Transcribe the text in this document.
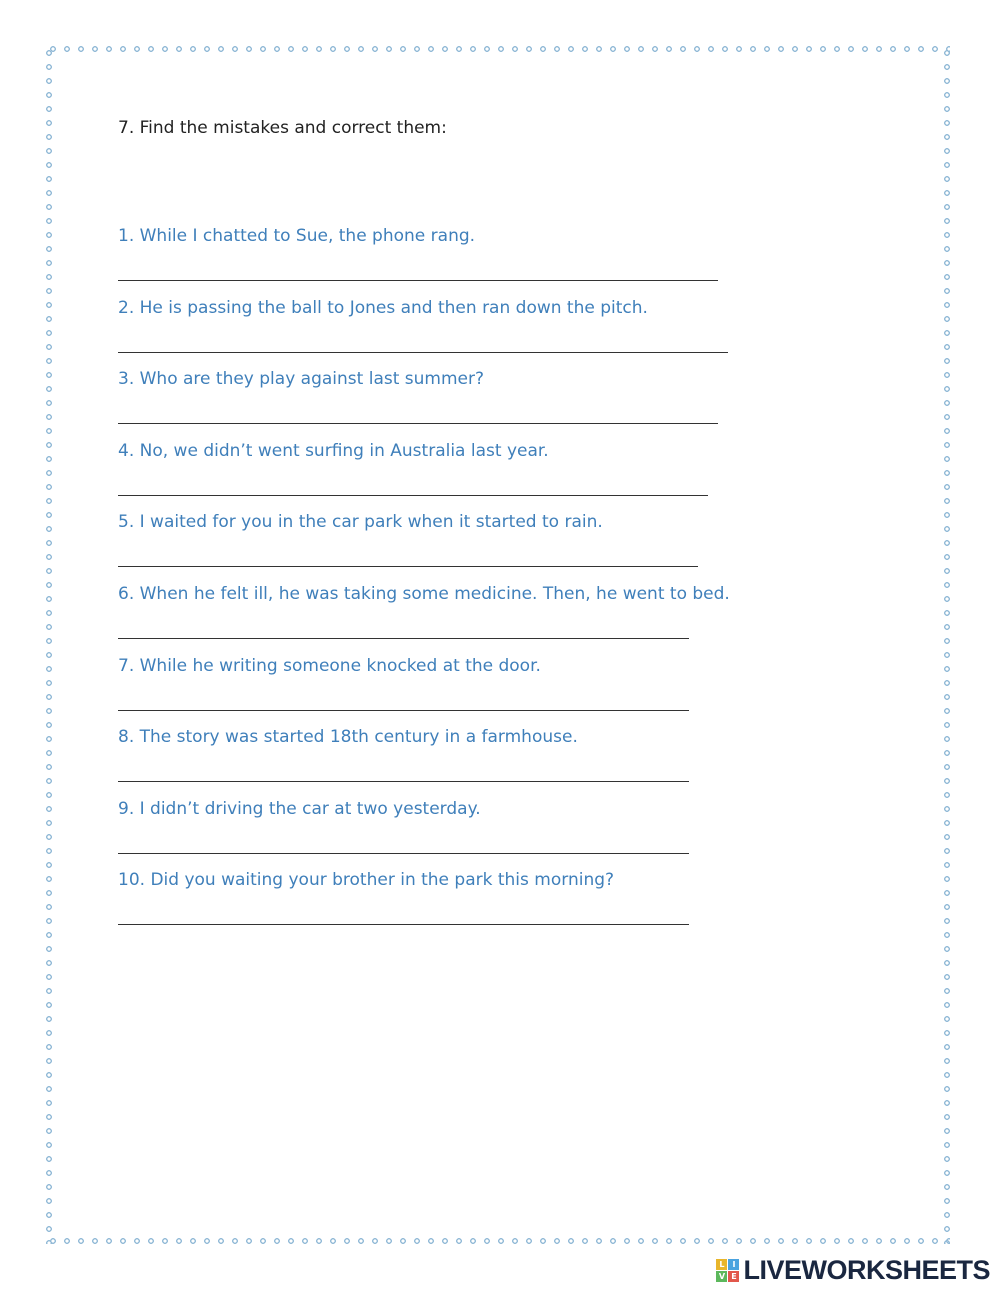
7. Find the mistakes and correct them:
1. While I chatted to Sue, the phone rang.
2. He is passing the ball to Jones and then ran down the pitch.
3. Who are they play against last summer?
4. No, we didn’t went surfing in Australia last year.
5. I waited for you in the car park when it started to rain.
6. When he felt ill, he was taking some medicine. Then, he went to bed.
7. While he writing someone knocked at the door.
8. The story was started 18th century in a farmhouse.
9. I didn’t driving the car at two yesterday.
10. Did you waiting your brother in the park this morning?
L I
V E LIVEWORKSHEETS
